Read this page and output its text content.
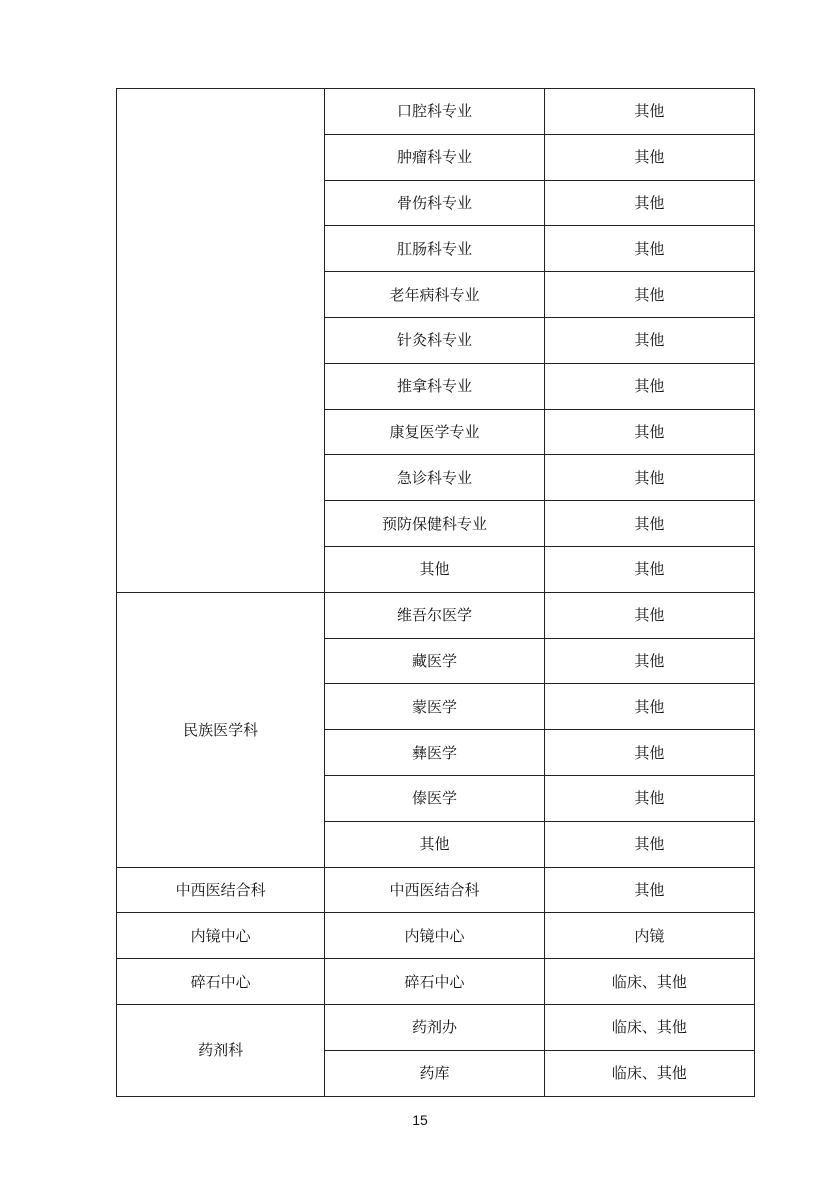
	口腔科专业	其他
	肿瘤科专业	其他
	骨伤科专业	其他
	肛肠科专业	其他
	老年病科专业	其他
	针灸科专业	其他
	推拿科专业	其他
	康复医学专业	其他
	急诊科专业	其他
	预防保健科专业	其他
	其他	其他
民族医学科	维吾尔医学	其他
	藏医学	其他
	蒙医学	其他
	彝医学	其他
	傣医学	其他
	其他	其他
中西医结合科	中西医结合科	其他
内镜中心	内镜中心	内镜
碎石中心	碎石中心	临床、其他
药剂科	药剂办	临床、其他
	药库	临床、其他
15
